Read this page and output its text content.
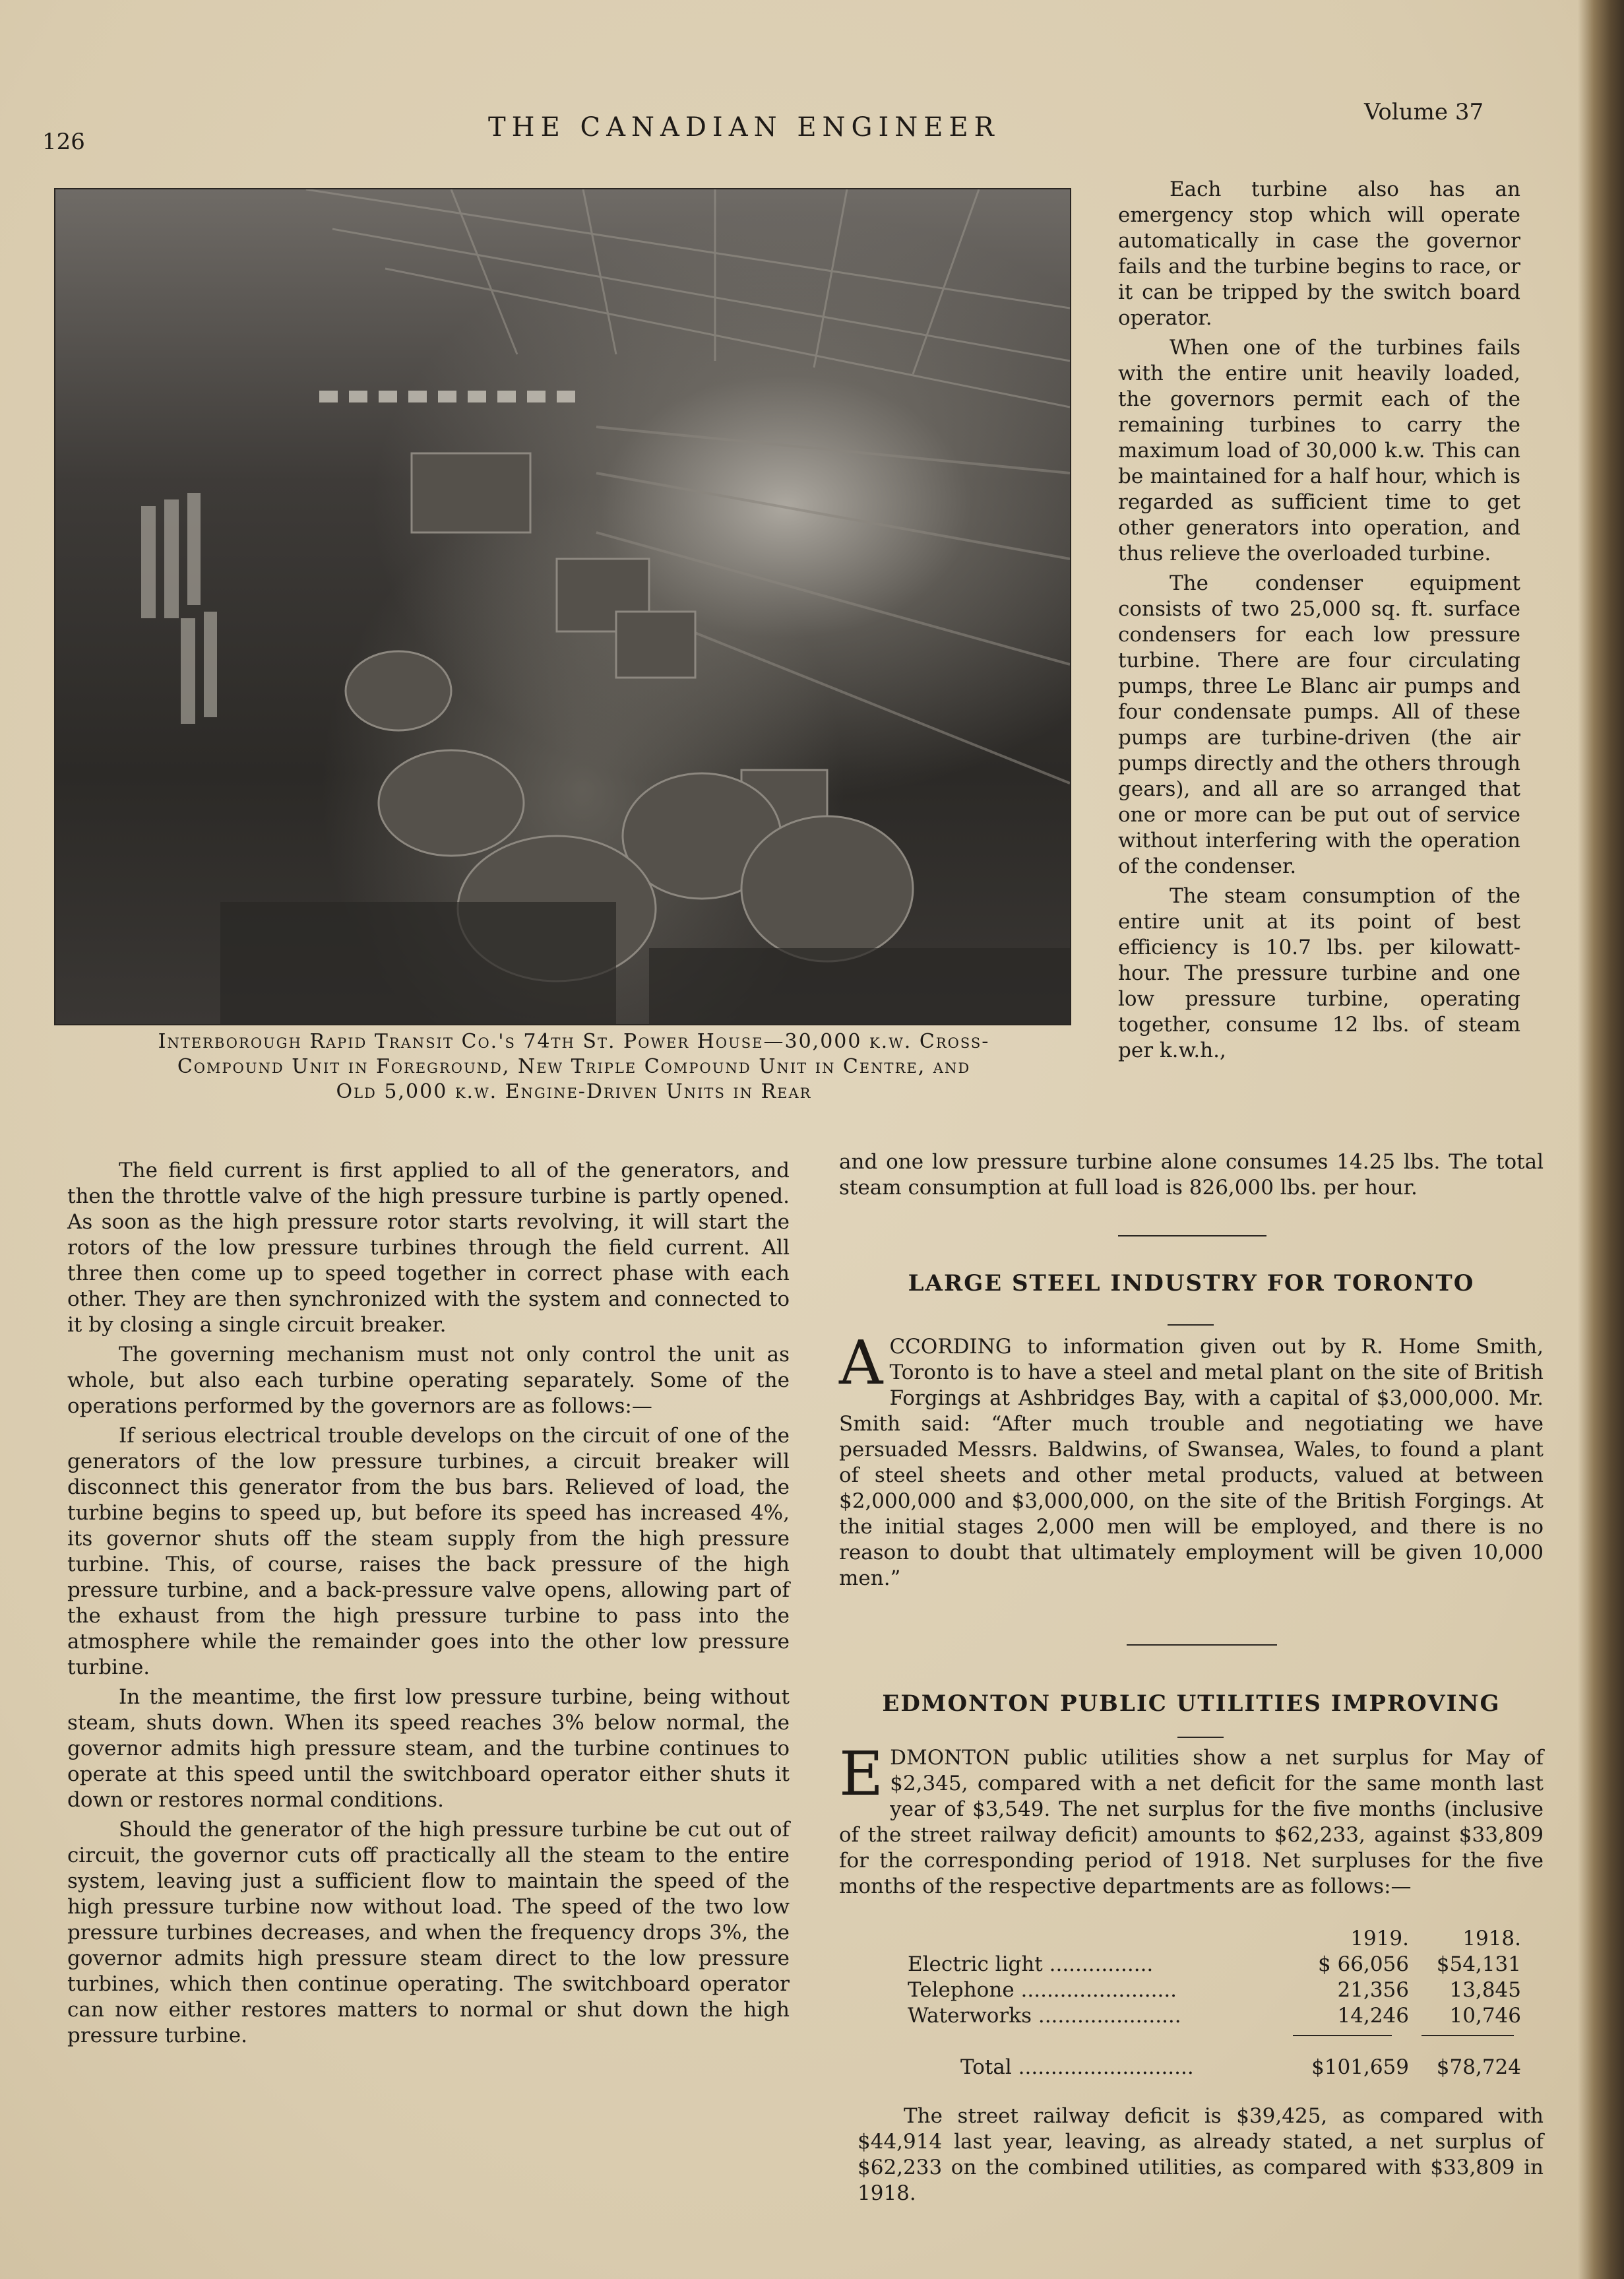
126	THE CANADIAN ENGINEER	Volume 37
Interborough Rapid Transit Co.'s 74th St. Power House—30,000 k.w. Cross-
Compound Unit in Foreground, New Triple Compound Unit in Centre, and
Old 5,000 k.w. Engine-Driven Units in Rear

Each turbine also has an emergency stop which will operate automatically in case the governor fails and the turbine begins to race, or it can be tripped by the switch board operator.

When one of the turbines fails with the entire unit heavily loaded, the governors permit each of the remaining turbines to carry the maximum load of 30,000 k.w. This can be maintained for a half hour, which is regarded as sufficient time to get other generators into operation, and thus relieve the overloaded turbine.

The condenser equipment consists of two 25,000 sq. ft. surface condensers for each low pressure turbine. There are four circulating pumps, three Le Blanc air pumps and four condensate pumps. All of these pumps are turbine-driven (the air pumps directly and the others through gears), and all are so arranged that one or more can be put out of service without interfering with the operation of the condenser.

The steam consumption of the entire unit at its point of best efficiency is 10.7 lbs. per kilowatt-hour. The pressure turbine and one low pressure turbine, operating together, consume 12 lbs. of steam per k.w.h.,

The field current is first applied to all of the generators, and then the throttle valve of the high pressure turbine is partly opened. As soon as the high pressure rotor starts revolving, it will start the rotors of the low pressure turbines through the field current. All three then come up to speed together in correct phase with each other. They are then synchronized with the system and connected to it by closing a single circuit breaker.

The governing mechanism must not only control the unit as whole, but also each turbine operating separately. Some of the operations performed by the governors are as follows:—

If serious electrical trouble develops on the circuit of one of the generators of the low pressure turbines, a circuit breaker will disconnect this generator from the bus bars. Relieved of load, the turbine begins to speed up, but before its speed has increased 4%, its governor shuts off the steam supply from the high pressure turbine. This, of course, raises the back pressure of the high pressure turbine, and a back-pressure valve opens, allowing part of the exhaust from the high pressure turbine to pass into the atmosphere while the remainder goes into the other low pressure turbine.

In the meantime, the first low pressure turbine, being without steam, shuts down. When its speed reaches 3% below normal, the governor admits high pressure steam, and the turbine continues to operate at this speed until the switchboard operator either shuts it down or restores normal conditions.

Should the generator of the high pressure turbine be cut out of circuit, the governor cuts off practically all the steam to the entire system, leaving just a sufficient flow to maintain the speed of the high pressure turbine now without load. The speed of the two low pressure turbines decreases, and when the frequency drops 3%, the governor admits high pressure steam direct to the low pressure turbines, which then continue operating. The switchboard operator can now either restores matters to normal or shut down the high pressure turbine.

and one low pressure turbine alone consumes 14.25 lbs. The total steam consumption at full load is 826,000 lbs. per hour.

LARGE STEEL INDUSTRY FOR TORONTO
A CCORDING to information given out by R. Home Smith, Toronto is to have a steel and metal plant on the site of British Forgings at Ashbridges Bay, with a capital of $3,000,000. Mr. Smith said: “After much trouble and negotiating we have persuaded Messrs. Baldwins, of Swansea, Wales, to found a plant of steel sheets and other metal products, valued at between $2,000,000 and $3,000,000, on the site of the British Forgings. At the initial stages 2,000 men will be employed, and there is no reason to doubt that ultimately employment will be given 10,000 men.”
EDMONTON PUBLIC UTILITIES IMPROVING
E DMONTON public utilities show a net surplus for May of $2,345, compared with a net deficit for the same month last year of $3,549. The net surplus for the five months (inclusive of the street railway deficit) amounts to $62,233, against $33,809 for the corresponding period of 1918. Net surpluses for the five months of the respective departments are as follows:—
1919.	1918.
Electric light ................	$ 66,056	$54,131
Telephone ........................	21,356	13,845
Waterworks ......................	14,246	10,746
Total ...........................	$101,659	$78,724
The street railway deficit is $39,425, as compared with $44,914 last year, leaving, as already stated, a net surplus of $62,233 on the combined utilities, as compared with $33,809 in 1918.
